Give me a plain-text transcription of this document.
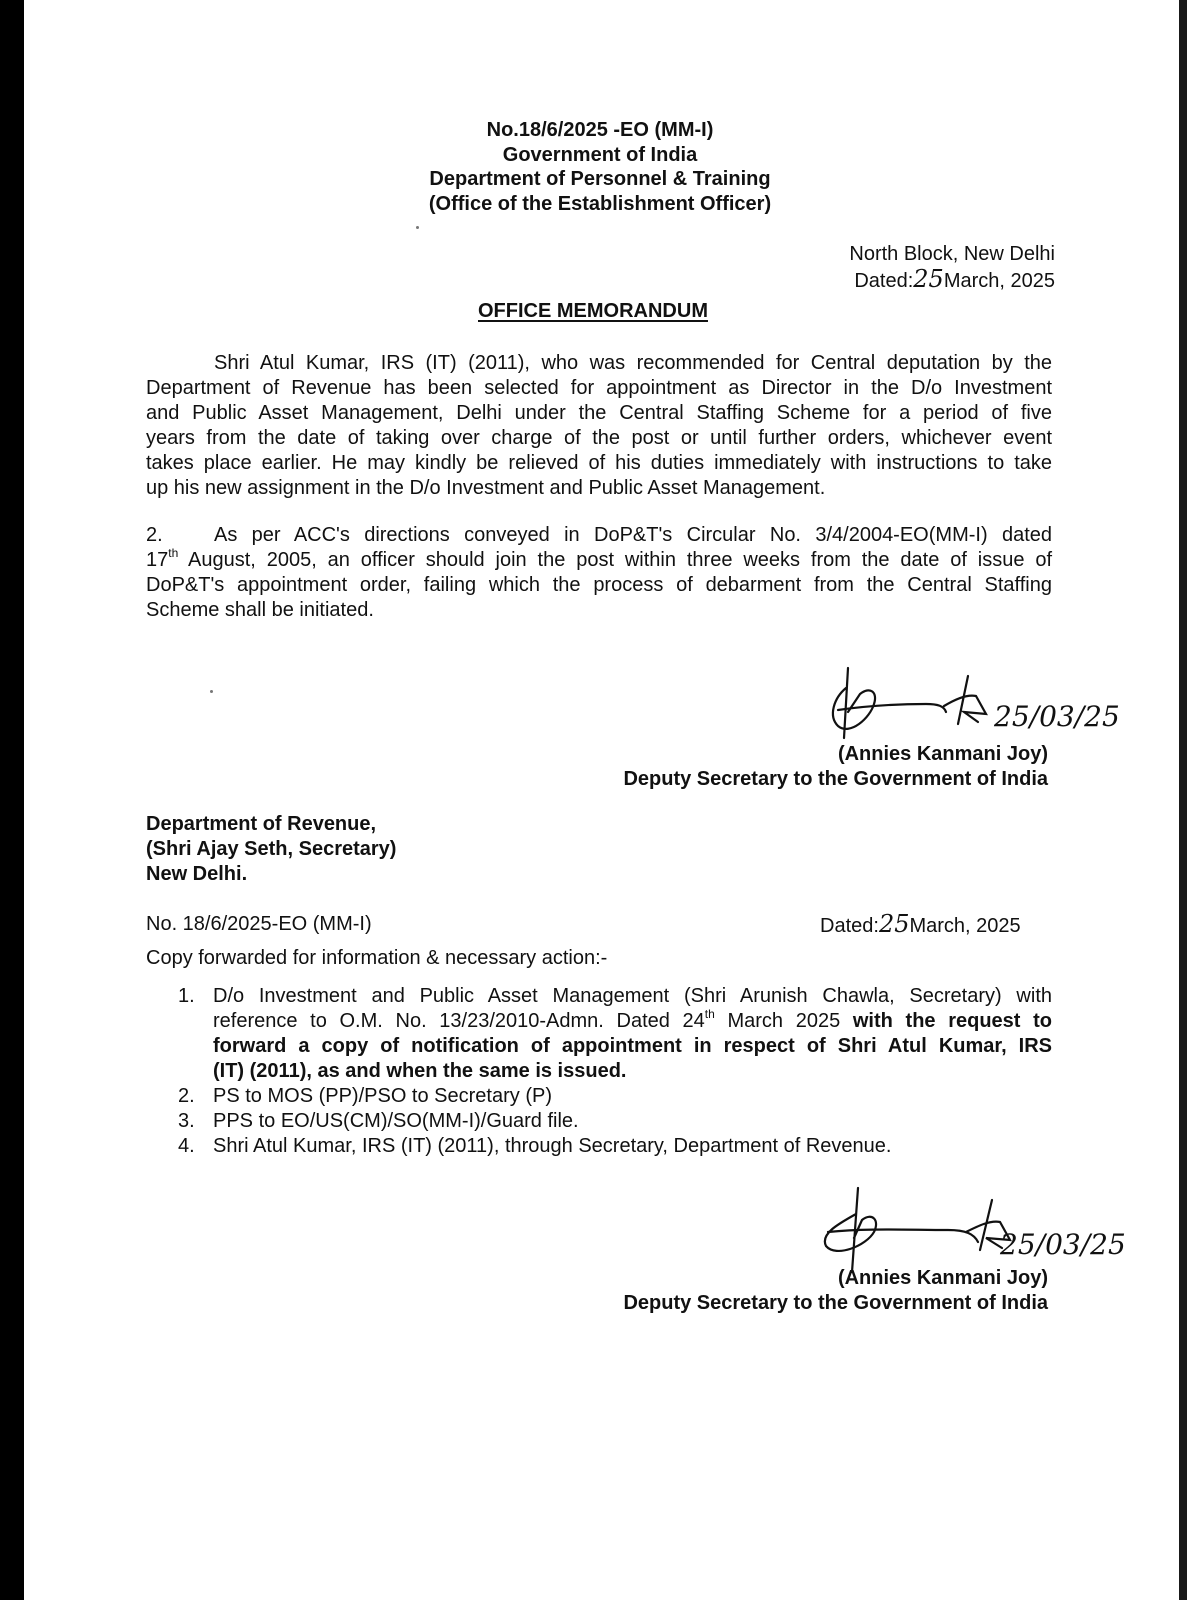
No.18/6/2025 -EO (MM-I)
Government of India
Department of Personnel & Training
(Office of the Establishment Officer)
North Block, New Delhi
Dated:25March, 2025
OFFICE MEMORANDUM
Shri Atul Kumar, IRS (IT) (2011), who was recommended for Central deputation by the
Department of Revenue has been selected for appointment as Director in the D/o Investment
and Public Asset Management, Delhi under the Central Staffing Scheme for a period of five
years from the date of taking over charge of the post or until further orders, whichever event
takes place earlier. He may kindly be relieved of his duties immediately with instructions to take
up his new assignment in the D/o Investment and Public Asset Management.
2.	As per ACC's directions conveyed in DoP&T's Circular No. 3/4/2004-EO(MM-I) dated
17th August, 2005, an officer should join the post within three weeks from the date of issue of
DoP&T's appointment order, failing which the process of debarment from the Central Staffing
Scheme shall be initiated.
25/03/25
(Annies Kanmani Joy)
Deputy Secretary to the Government of India
Department of Revenue,
(Shri Ajay Seth, Secretary)
New Delhi.
No. 18/6/2025-EO (MM-I)	Dated:25March, 2025
Copy forwarded for information & necessary action:-
1. D/o Investment and Public Asset Management (Shri Arunish Chawla, Secretary) with
reference to O.M. No. 13/23/2010-Admn. Dated 24th March 2025 with the request to
forward a copy of notification of appointment in respect of Shri Atul Kumar, IRS
(IT) (2011), as and when the same is issued.
2. PS to MOS (PP)/PSO to Secretary (P)
3. PPS to EO/US(CM)/SO(MM-I)/Guard file.
4. Shri Atul Kumar, IRS (IT) (2011), through Secretary, Department of Revenue.
25/03/25
(Annies Kanmani Joy)
Deputy Secretary to the Government of India
